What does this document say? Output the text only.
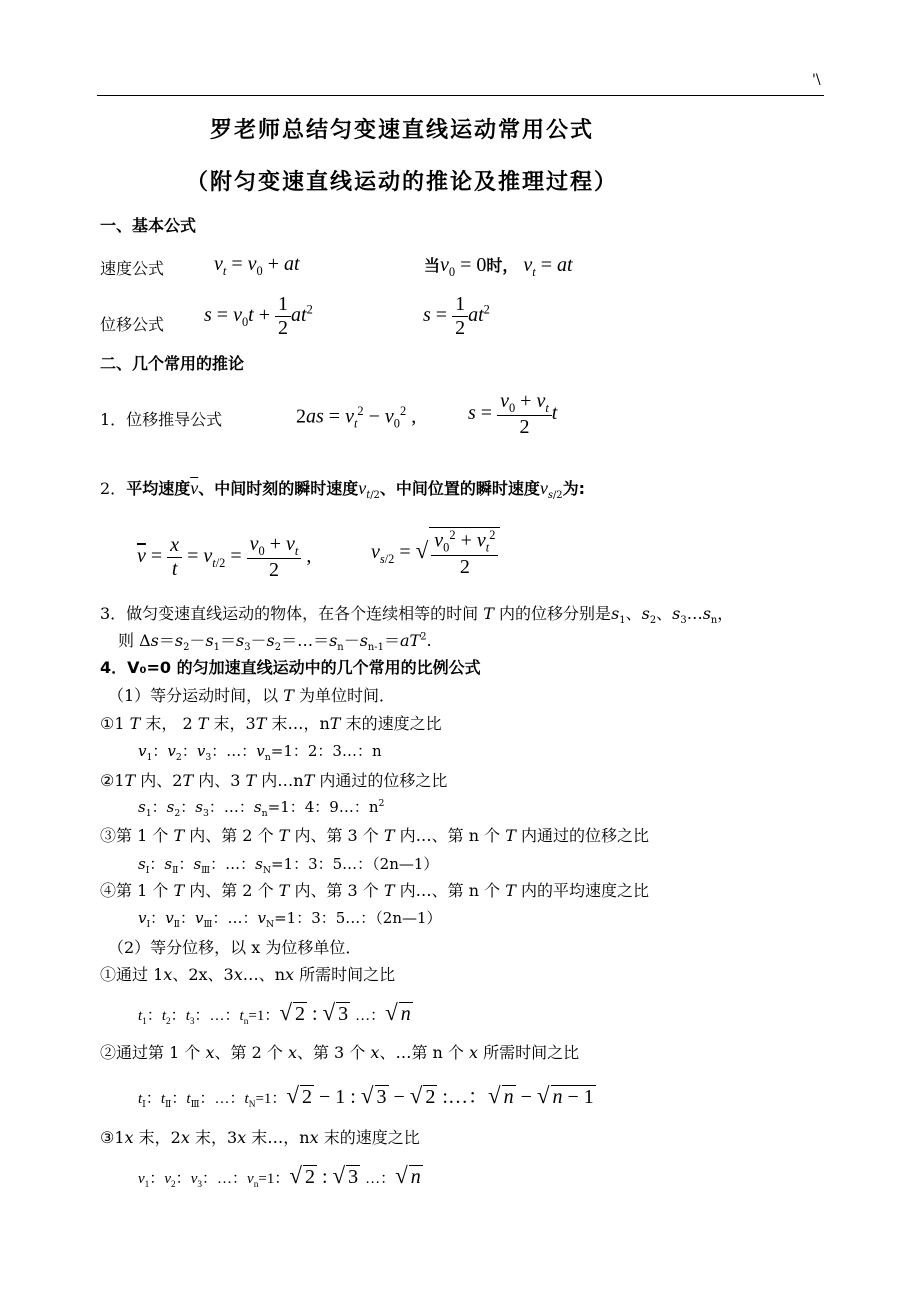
'\
罗老师总结匀变速直线运动常用公式
（附匀变速直线运动的推论及推理过程）
一、基本公式
速度公式 $v_t = v_0$ + at	当$v_0 = 0$时， $v_t$ = at
位移公式 $s = v_0t + \frac{1}{2} at^2$	$s = \frac{1}{2} at^2$
二、几个常用的推论
1．位移推导公式	$2as = v_t^2 - v_0^2$ ,	$s = \frac{v_0 + v_t}{2}$ t
2．平均速度$\overline{v}$、中间时刻的瞬时速度$v_{t/2}$、中间位置的瞬时速度$v_{s/2}$为:
$\overline{v} = \frac{x}{t} = v_{t/2} = \frac{v_0 + v_t}{2}$ ,	$v_{s/2}$ = √ $\frac{v_0^2 + v_t^2}{2}$
3．做匀变速直线运动的物体，在各个连续相等的时间 T 内的位移分别是$s_1$、$s_2$、$s_3\dots s_n$，
则 $\Delta s=s_2-s_1=s_3-s_2=\dots=s_n-s_{n-1}=aT^2$.
4．V₀=0 的匀加速直线运动中的几个常用的比例公式
（1）等分运动时间，以 T 为单位时间．
①1 T 末， 2 T 末，3T 末…，nT 末的速度之比
$v_1$：$v_2$：$v_3$：…：$v_n=1$：2：3…：n
②1T 内、2T 内、3 T 内…nT 内通过的位移之比
$s_1$：$s_2$：$s_3$：…：$s_n=1$：4：9…：$n^2$
③第 1 个 T 内、第 2 个 T 内、第 3 个 T 内…、第 n 个 T 内通过的位移之比
$s_Ⅰ$：$s_Ⅱ$：$s_Ⅲ$：…：$s_N=1$：3：5…：（2n—1）
④第 1 个 T 内、第 2 个 T 内、第 3 个 T 内…、第 n 个 T 内的平均速度之比
$v_Ⅰ$：$v_Ⅱ$：$v_Ⅲ$：…：$v_N=1$：3：5…：（2n—1）
（2）等分位移，以 x 为位移单位．
①通过 1x、2x、3x…、nx 所需时间之比
$t_1$：$t_2$：$t_3$：…：$t_n=1$：√ 2 : √ 3 …：√ n
②通过第 1 个 x、第 2 个 x、第 3 个 x、…第 n 个 x 所需时间之比
$t_Ⅰ$：$t_Ⅱ$：$t_Ⅲ$：…：$t_N=1$：√ 2 − 1 : √ 3 − √ 2 :…：√ n − √ n − 1
③1x 末，2x 末，3x 末…，nx 末的速度之比
$v_1$：$v_2$：$v_3$：…：$v_n=1$：√ 2 : √ 3 …：√ n
